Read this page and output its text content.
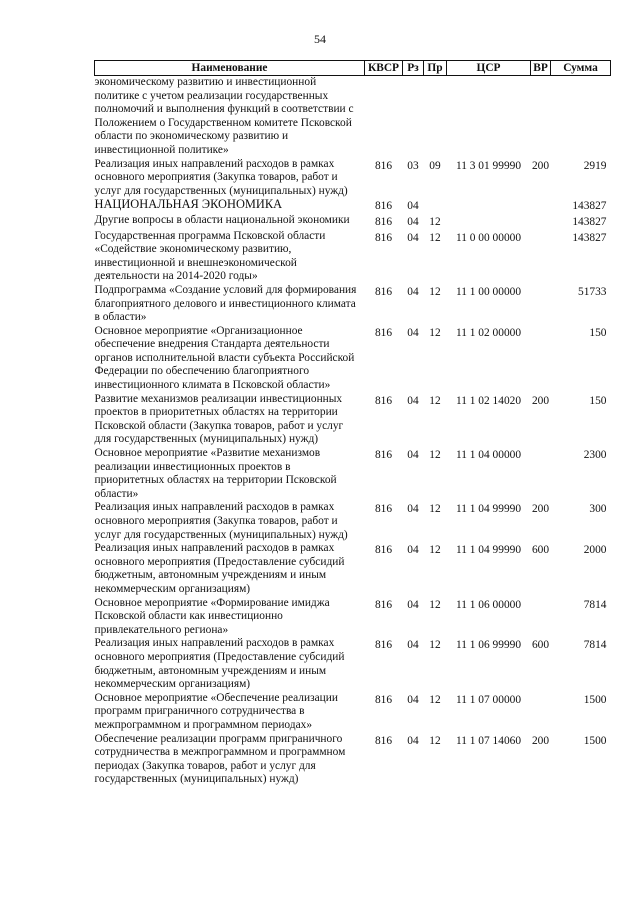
54
Наименование	КВСР	Рз	Пр	ЦСР	ВР	Сумма
экономическому развитию и инвестиционной политике с учетом реализации государственных полномочий и выполнения функций в соответствии с Положением о Государственном комитете Псковской области по экономическому развитию и инвестиционной политике»						
Реализация иных направлений расходов в рамках основного мероприятия (Закупка товаров, работ и услуг для государственных (муниципальных) нужд)	816	03	09	11 3 01 99990	200	2919
НАЦИОНАЛЬНАЯ ЭКОНОМИКА	816	04				143827
Другие вопросы в области национальной экономики	816	04	12			143827
Государственная программа Псковской области «Содействие экономическому развитию, инвестиционной и внешнеэкономической деятельности на 2014-2020 годы»	816	04	12	11 0 00 00000		143827
Подпрограмма «Создание условий для формирования благоприятного делового и инвестиционного климата в области»	816	04	12	11 1 00 00000		51733
Основное мероприятие «Организационное обеспечение внедрения Стандарта деятельности органов исполнительной власти субъекта Российской Федерации по обеспечению благоприятного инвестиционного климата в Псковской области»	816	04	12	11 1 02 00000		150
Развитие механизмов реализации инвестиционных проектов в приоритетных областях на территории Псковской области (Закупка товаров, работ и услуг для государственных (муниципальных) нужд)	816	04	12	11 1 02 14020	200	150
Основное мероприятие «Развитие механизмов реализации инвестиционных проектов в приоритетных областях на территории Псковской области»	816	04	12	11 1 04 00000		2300
Реализация иных направлений расходов в рамках основного мероприятия (Закупка товаров, работ и услуг для государственных (муниципальных) нужд)	816	04	12	11 1 04 99990	200	300
Реализация иных направлений расходов в рамках основного мероприятия (Предоставление субсидий бюджетным, автономным учреждениям и иным некоммерческим организациям)	816	04	12	11 1 04 99990	600	2000
Основное мероприятие «Формирование имиджа Псковской области как инвестиционно привлекательного региона»	816	04	12	11 1 06 00000		7814
Реализация иных направлений расходов в рамках основного мероприятия (Предоставление субсидий бюджетным, автономным учреждениям и иным некоммерческим организациям)	816	04	12	11 1 06 99990	600	7814
Основное мероприятие «Обеспечение реализации программ приграничного сотрудничества в межпрограммном и программном периодах»	816	04	12	11 1 07 00000		1500
Обеспечение реализации программ приграничного сотрудничества в межпрограммном и программном периодах (Закупка товаров, работ и услуг для государственных (муниципальных) нужд)	816	04	12	11 1 07 14060	200	1500
